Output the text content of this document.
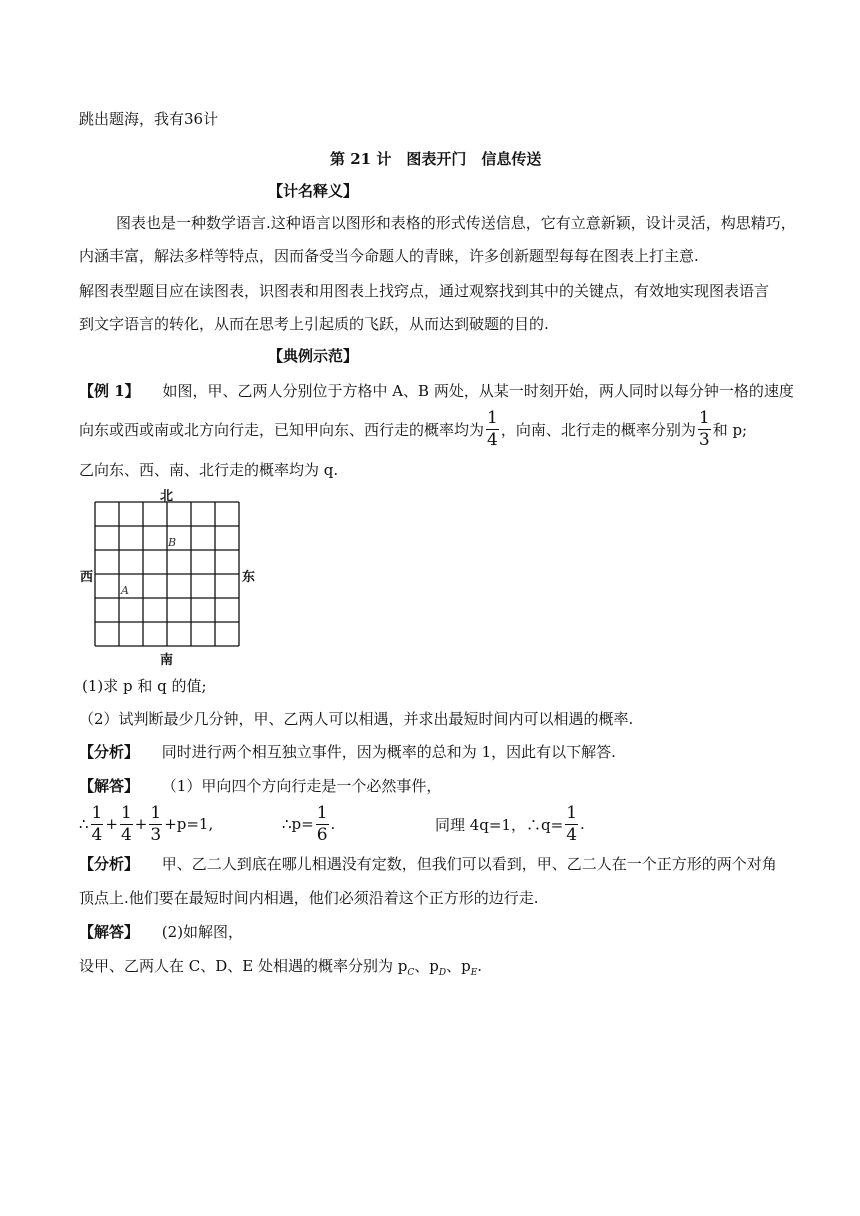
跳出题海，我有36计
第 21 计　图表开门　信息传送
【计名释义】
图表也是一种数学语言.这种语言以图形和表格的形式传送信息，它有立意新颖，设计灵活，构思精巧，
内涵丰富，解法多样等特点，因而备受当今命题人的青睐，许多创新题型每每在图表上打主意.
解图表型题目应在读图表，识图表和用图表上找窍点，通过观察找到其中的关键点，有效地实现图表语言
到文字语言的转化，从而在思考上引起质的飞跃，从而达到破题的目的.
【典例示范】
【例 1】 如图，甲、乙两人分别位于方格中 A、B 两处，从某一时刻开始，两人同时以每分钟一格的速度
向东或西或南或北方向行走，已知甲向东、西行走的概率均为 $\frac{1}{4}$ ，向南、北行走的概率分别为 $\frac{1}{3}$ 和 p;
乙向东、西、南、北行走的概率均为 q.
北
南
西	东
A
B
(1)求 p 和 q 的值;
（2）试判断最少几分钟，甲、乙两人可以相遇，并求出最短时间内可以相遇的概率.
【分析】 同时进行两个相互独立事件，因为概率的总和为 1，因此有以下解答.
【解答】 （1）甲向四个方向行走是一个必然事件，
∴ $\frac{1}{4} + \frac{1}{4} + \frac{1}{3} +p=1$,	∴ $p= \frac{1}{6}$ .	同理 4q=1，∴q= $\frac{1}{4}$ .
【分析】 甲、乙二人到底在哪儿相遇没有定数，但我们可以看到，甲、乙二人在一个正方形的两个对角
顶点上.他们要在最短时间内相遇，他们必须沿着这个正方形的边行走.
【解答】 (2)如解图，
设甲、乙两人在 C、D、E 处相遇的概率分别为 $p_C$、$p_D$、$p_E$.
